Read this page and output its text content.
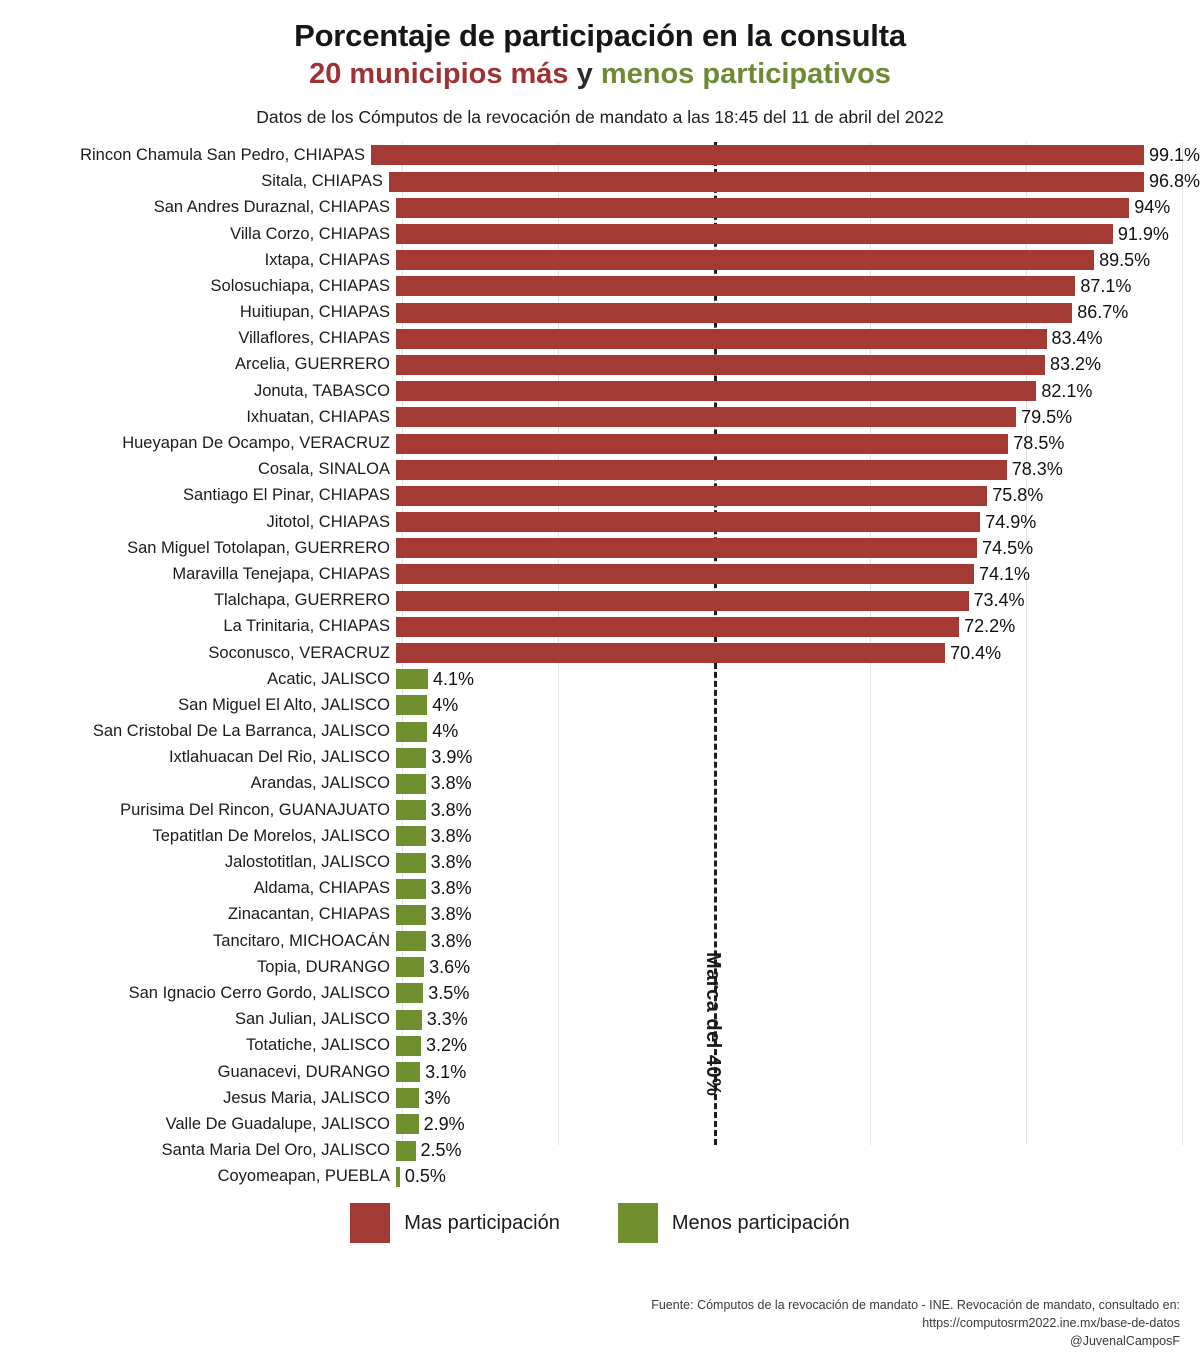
Porcentaje de participación en la consulta
20 municipios más y menos participativos
Datos de los Cómputos de la revocación de mandato a las 18:45 del 11 de abril del 2022
Marca del 40%
Rincon Chamula San Pedro, CHIAPAS	99.1%
Sitala, CHIAPAS	96.8%
San Andres Duraznal, CHIAPAS	94%
Villa Corzo, CHIAPAS	91.9%
Ixtapa, CHIAPAS	89.5%
Solosuchiapa, CHIAPAS	87.1%
Huitiupan, CHIAPAS	86.7%
Villaflores, CHIAPAS	83.4%
Arcelia, GUERRERO	83.2%
Jonuta, TABASCO	82.1%
Ixhuatan, CHIAPAS	79.5%
Hueyapan De Ocampo, VERACRUZ	78.5%
Cosala, SINALOA	78.3%
Santiago El Pinar, CHIAPAS	75.8%
Jitotol, CHIAPAS	74.9%
San Miguel Totolapan, GUERRERO	74.5%
Maravilla Tenejapa, CHIAPAS	74.1%
Tlalchapa, GUERRERO	73.4%
La Trinitaria, CHIAPAS	72.2%
Soconusco, VERACRUZ	70.4%
Acatic, JALISCO	4.1%
San Miguel El Alto, JALISCO	4%
San Cristobal De La Barranca, JALISCO	4%
Ixtlahuacan Del Rio, JALISCO	3.9%
Arandas, JALISCO	3.8%
Purisima Del Rincon, GUANAJUATO	3.8%
Tepatitlan De Morelos, JALISCO	3.8%
Jalostotitlan, JALISCO	3.8%
Aldama, CHIAPAS	3.8%
Zinacantan, CHIAPAS	3.8%
Tancitaro, MICHOACÁN	3.8%
Topia, DURANGO	3.6%
San Ignacio Cerro Gordo, JALISCO	3.5%
San Julian, JALISCO	3.3%
Totatiche, JALISCO	3.2%
Guanacevi, DURANGO	3.1%
Jesus Maria, JALISCO	3%
Valle De Guadalupe, JALISCO	2.9%
Santa Maria Del Oro, JALISCO	2.5%
Coyomeapan, PUEBLA 0.5%
Mas participación	Menos participación
Fuente: Cómputos de la revocación de mandato - INE. Revocación de mandato, consultado en:
https://computosrm2022.ine.mx/base-de-datos
@JuvenalCamposF
